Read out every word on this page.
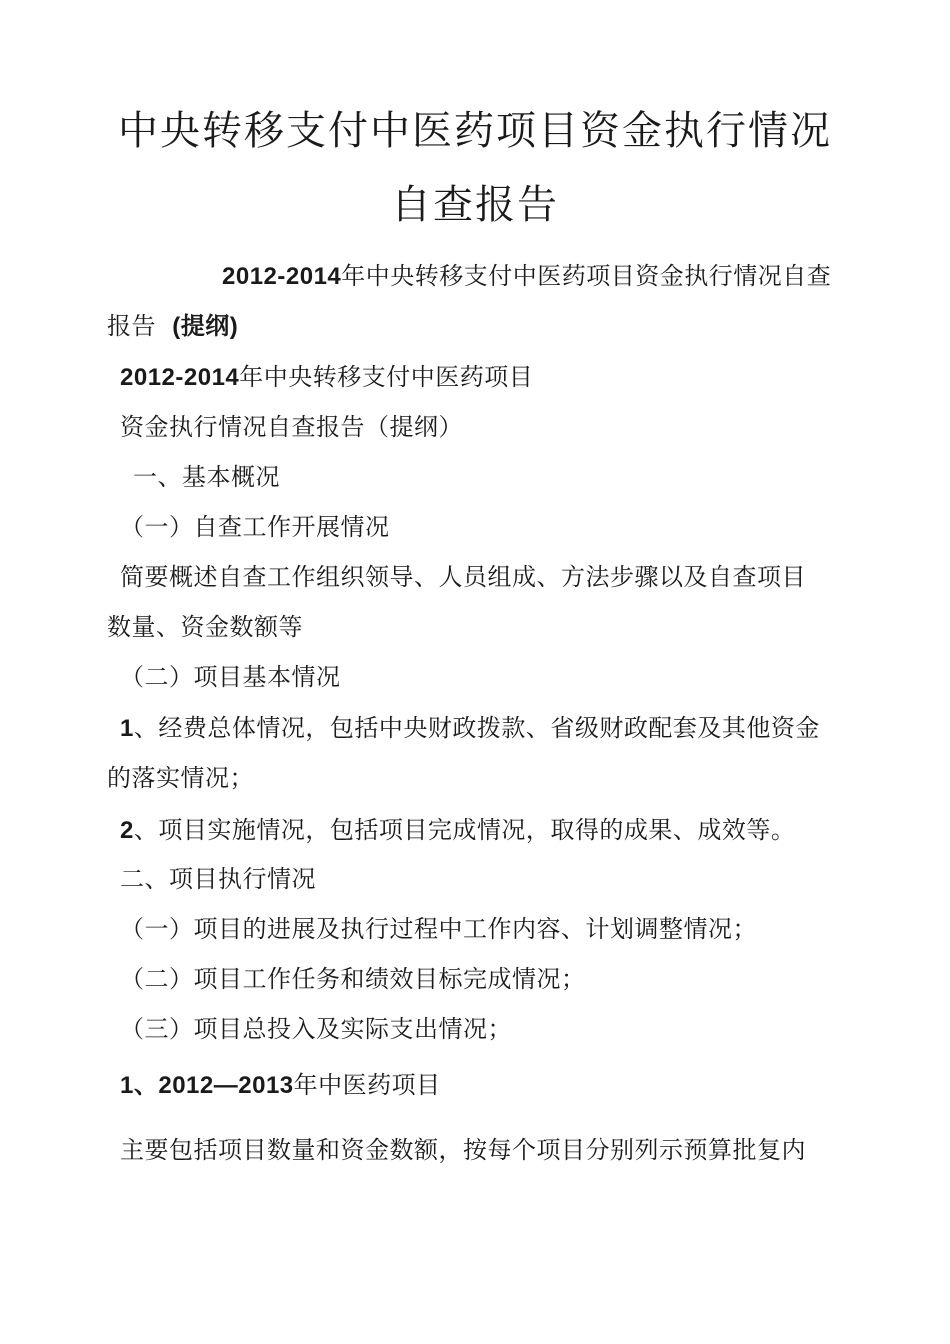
中央转移支付中医药项目资金执行情况
自查报告
2012-2014年中央转移支付中医药项目资金执行情况自查
报告 (提纲)
2012-2014年中央转移支付中医药项目
资金执行情况自查报告（提纲）
一、基本概况
（一）自查工作开展情况
简要概述自查工作组织领导、人员组成、方法步骤以及自查项目
数量、资金数额等
（二）项目基本情况
1、经费总体情况，包括中央财政拨款、省级财政配套及其他资金
的落实情况；
2、项目实施情况，包括项目完成情况，取得的成果、成效等。
二、项目执行情况
（一）项目的进展及执行过程中工作内容、计划调整情况；
（二）项目工作任务和绩效目标完成情况；
（三）项目总投入及实际支出情况；
1、2012—2013年中医药项目
主要包括项目数量和资金数额，按每个项目分别列示预算批复内
